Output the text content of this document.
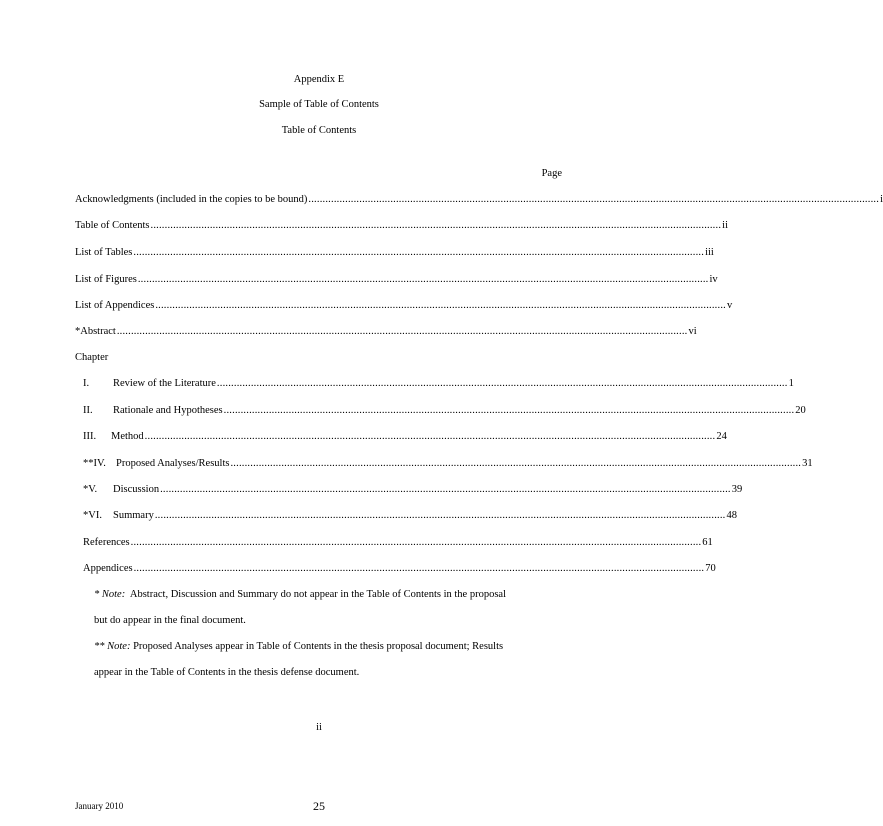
Appendix E
Sample of Table of Contents
Table of Contents
Page
Acknowledgments (included in the copies to be bound) .......................................................................................................................................................................................................... i
Table of Contents .......................................................................................................................................................................................................... ii
List of Tables .......................................................................................................................................................................................................... iii
List of Figures .......................................................................................................................................................................................................... iv
List of Appendices .......................................................................................................................................................................................................... v
*Abstract .......................................................................................................................................................................................................... vi
Chapter
I. Review of the Literature .......................................................................................................................................................................................................... 1
II. Rationale and Hypotheses .......................................................................................................................................................................................................... 20
III. Method .......................................................................................................................................................................................................... 24
**IV. Proposed Analyses/Results .......................................................................................................................................................................................................... 31
*V. Discussion .......................................................................................................................................................................................................... 39
*VI. Summary .......................................................................................................................................................................................................... 48
References .......................................................................................................................................................................................................... 61
Appendices .......................................................................................................................................................................................................... 70
* Note: Abstract, Discussion and Summary do not appear in the Table of Contents in the proposal
but do appear in the final document.
** Note: Proposed Analyses appear in Table of Contents in the thesis proposal document; Results
appear in the Table of Contents in the thesis defense document.
ii
January 2010	25
